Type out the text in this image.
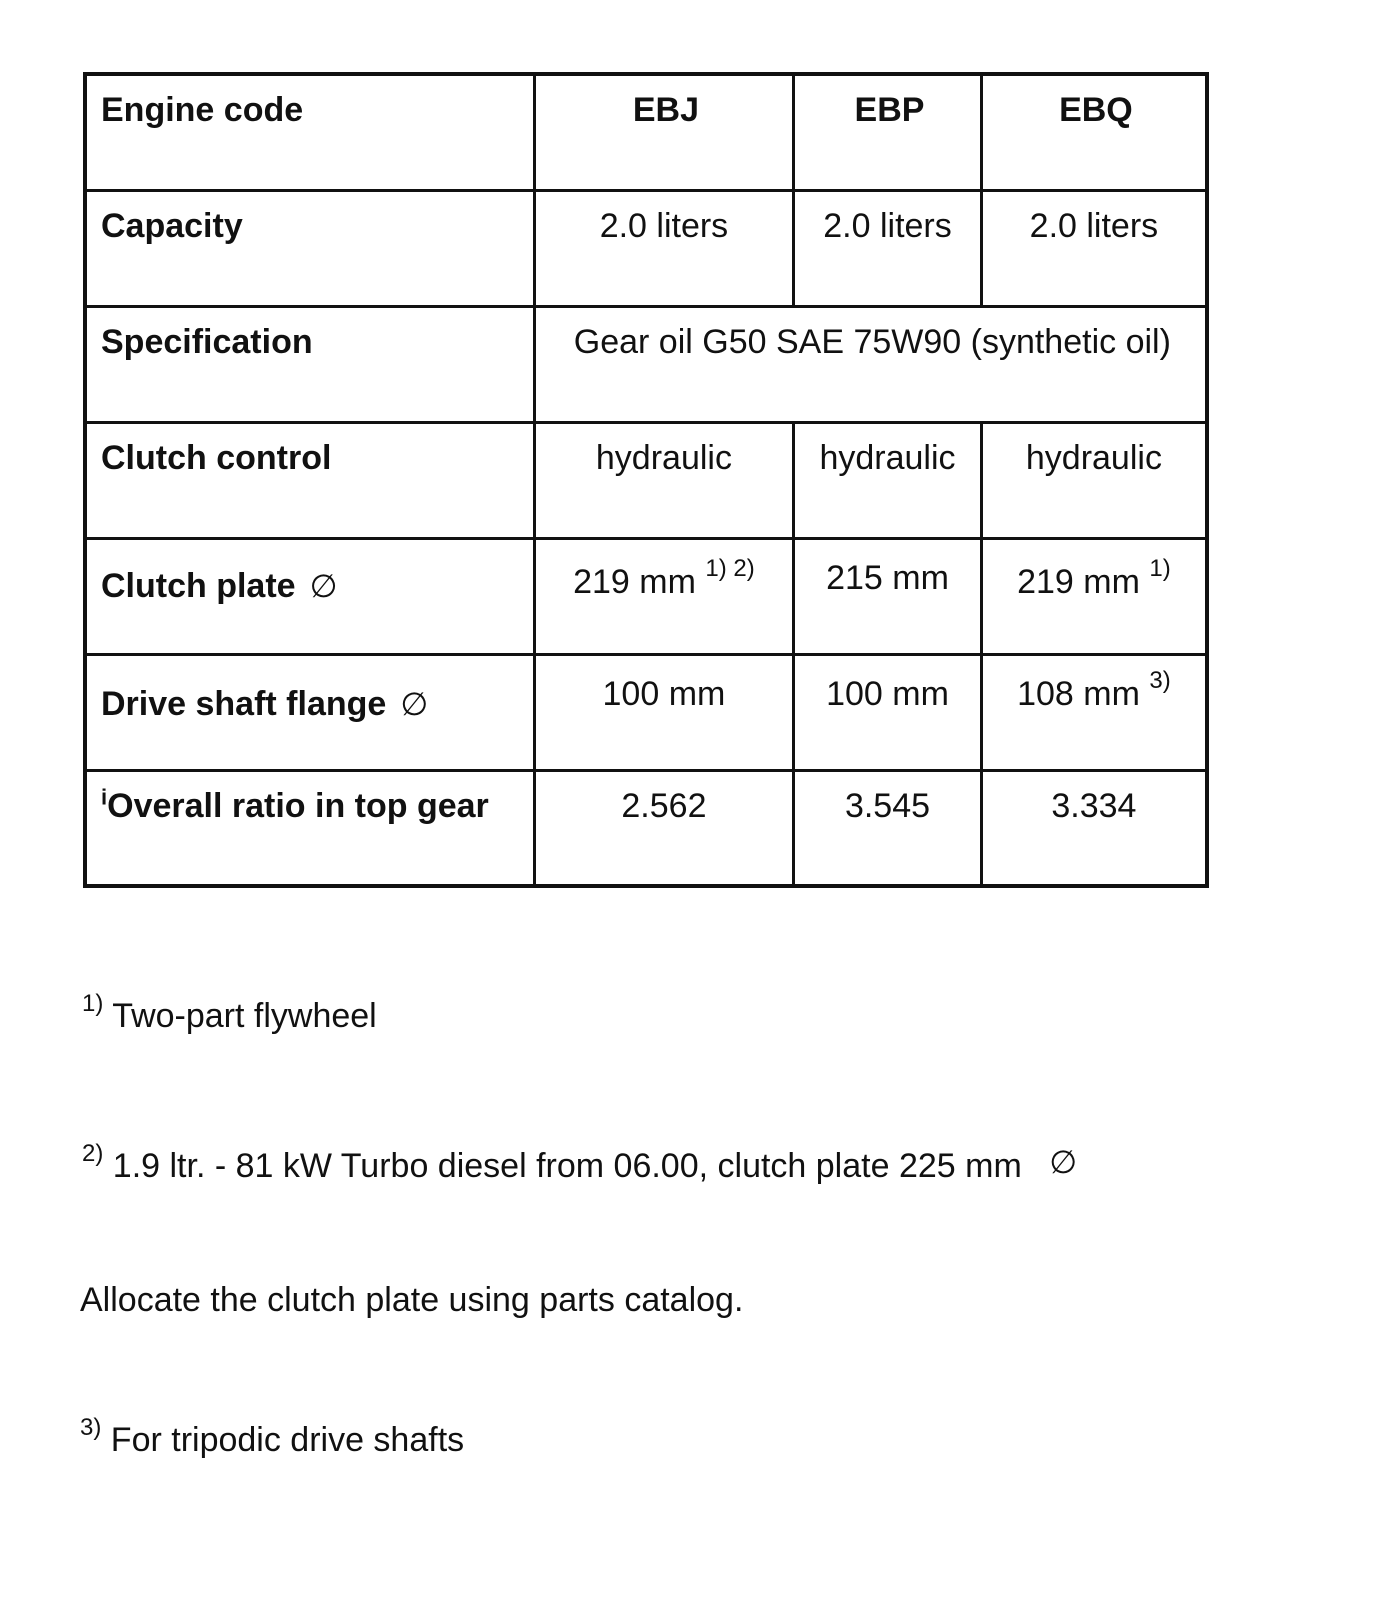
Engine code	EBJ	EBP	EBQ
Capacity	2.0 liters	2.0 liters	2.0 liters
Specification	Gear oil G50 SAE 75W90 (synthetic oil)		
Clutch control	hydraulic	hydraulic	hydraulic
Clutch plate ∅	219 mm $^{1) 2)}$	215 mm	219 mm $^{1)}$
Drive shaft flange ∅	100 mm	100 mm	108 mm $^{3)}$
$^i$Overall ratio in top gear	2.562	3.545	3.334
$^{1)}$ Two-part flywheel
$^{2)}$ 1.9 ltr. - 81 kW Turbo diesel from 06.00, clutch plate 225 mm ∅
Allocate the clutch plate using parts catalog.
$^{3)}$ For tripodic drive shafts
